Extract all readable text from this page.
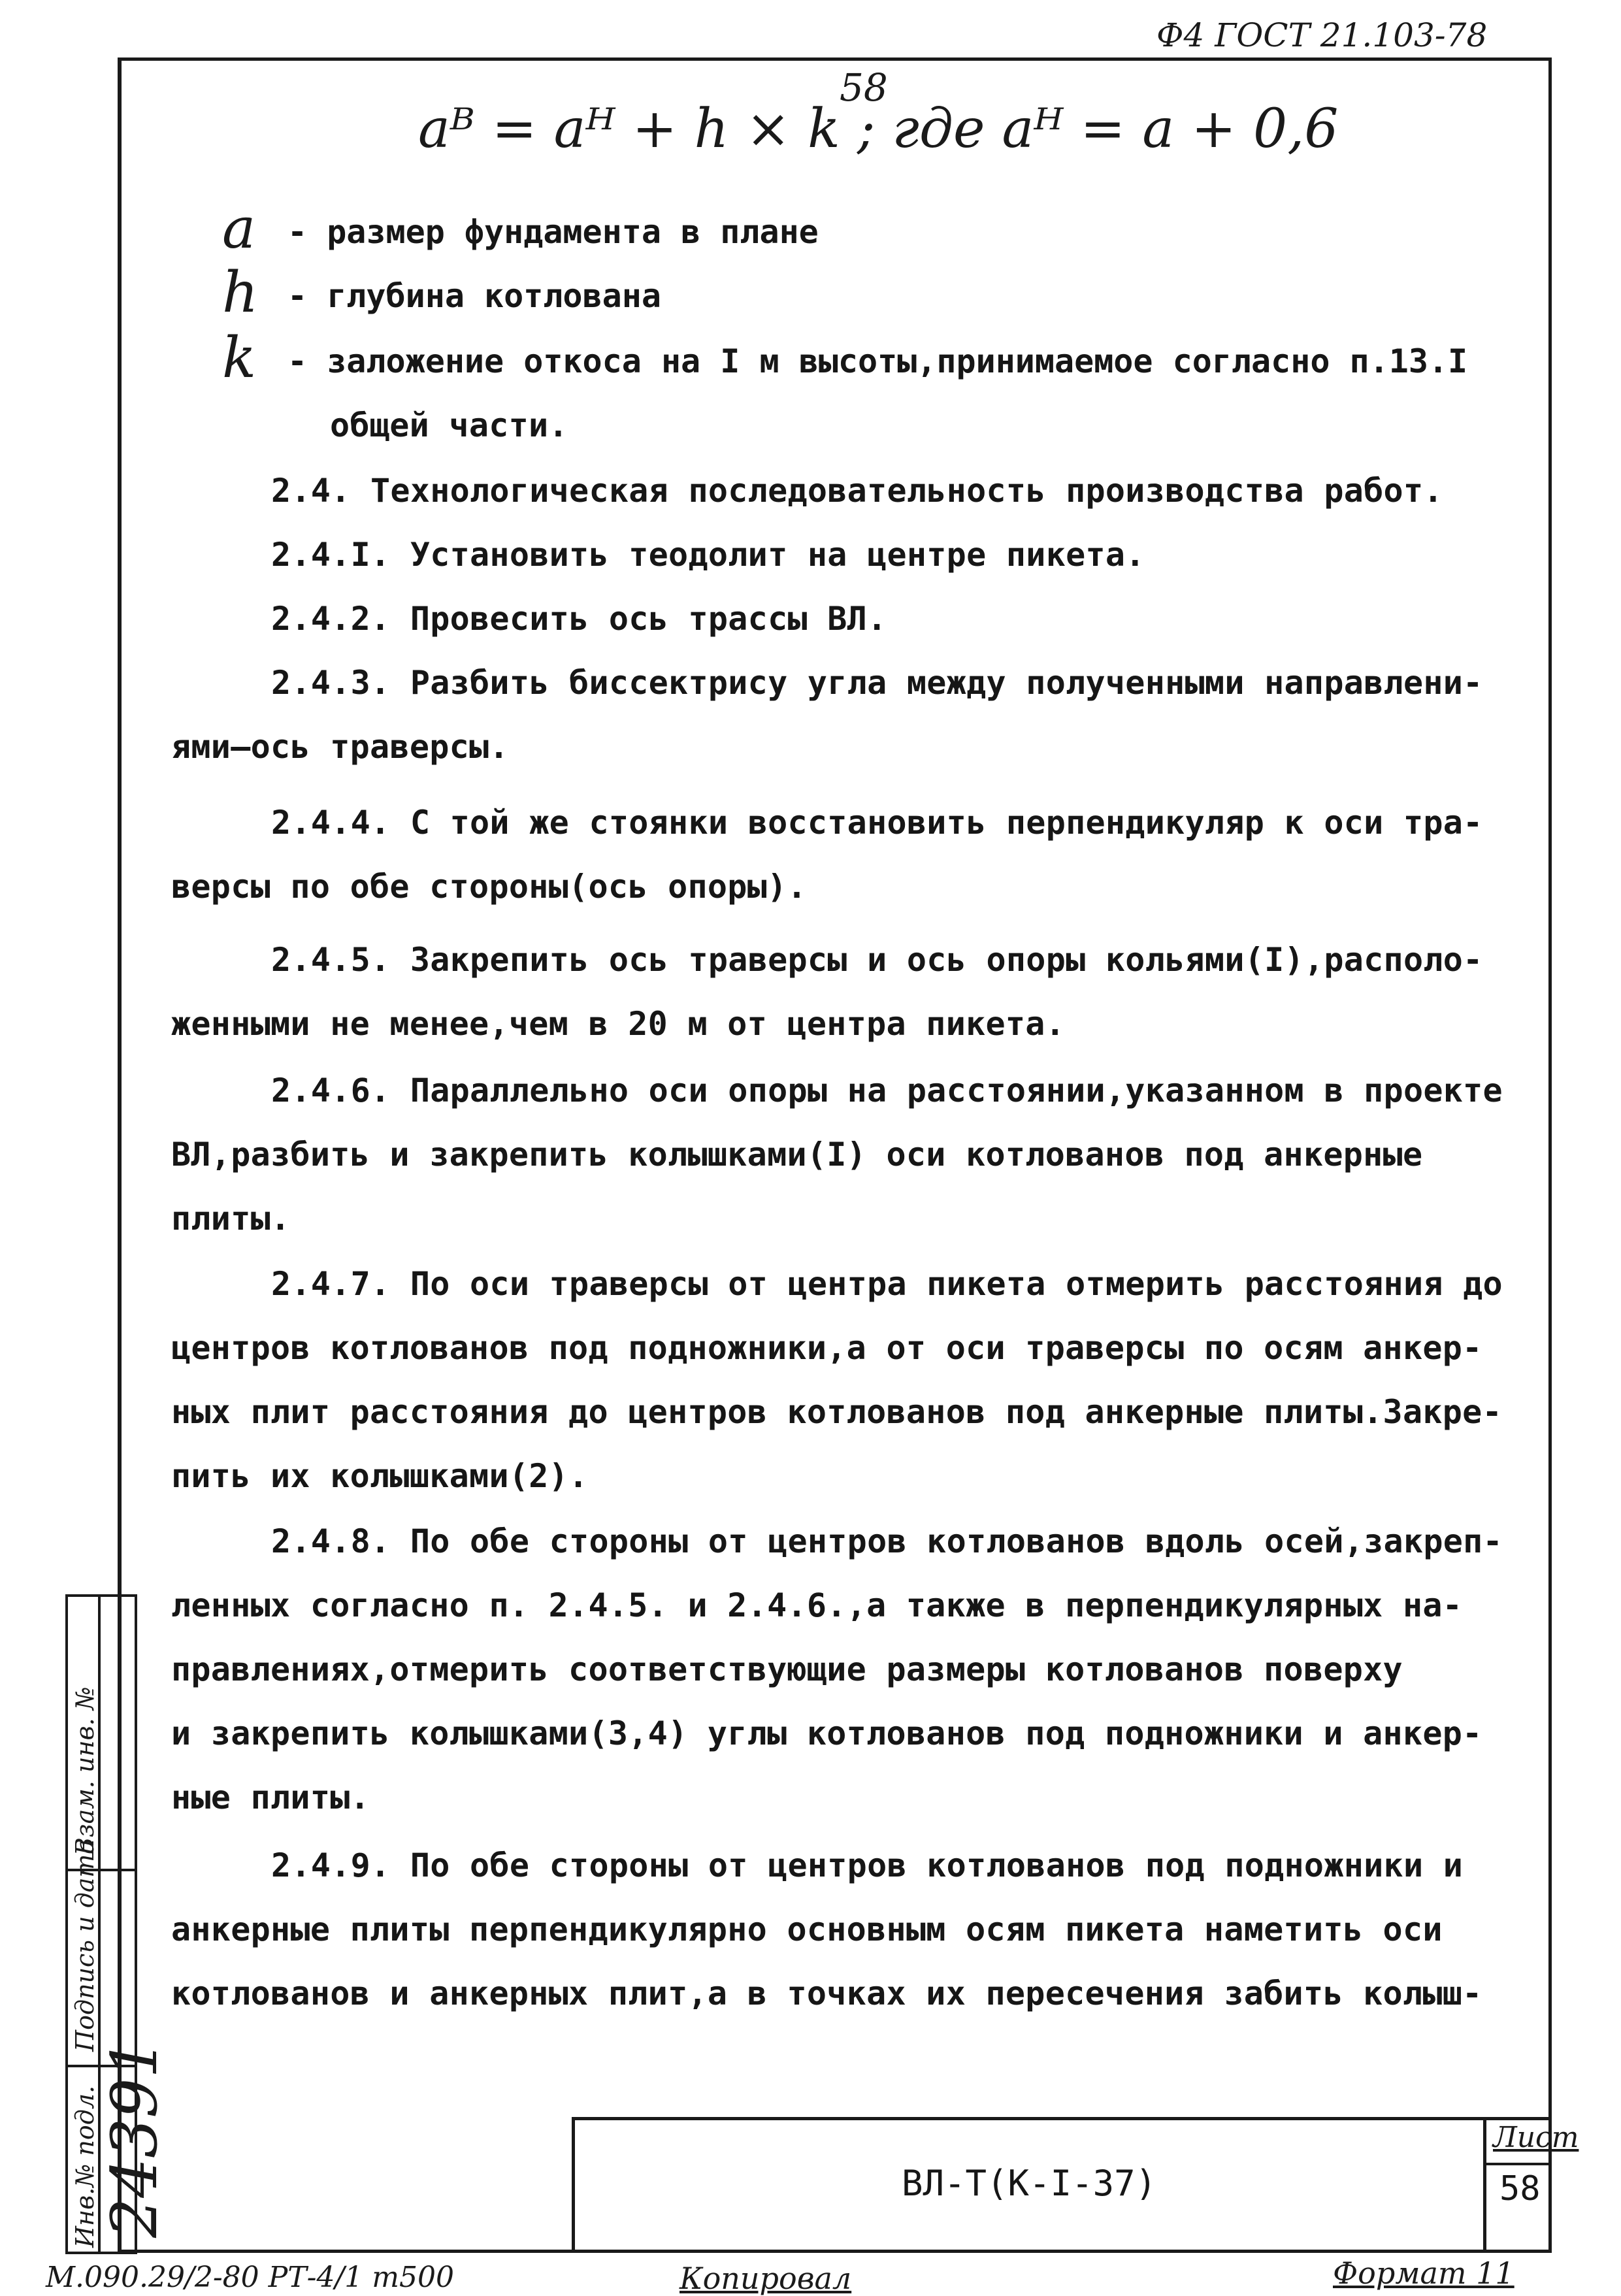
Ф4 ГОСТ 21.103-78
58
aᴮ = aᴴ + h × k ; где aᴴ = a + 0,6
a - размер фундамента в плане
h - глубина котлована
k - заложение откоса на I м высоты,принимаемое согласно п.13.I
общей части.
2.4. Технологическая последовательность производства работ.
2.4.I. Установить теодолит на центре пикета.
2.4.2. Провесить ось трассы ВЛ.
2.4.3. Разбить биссектрису угла между полученными направлени-
ями—ось траверсы.
2.4.4. С той же стоянки восстановить перпендикуляр к оси тра-
версы по обе стороны(ось опоры).
2.4.5. Закрепить ось траверсы и ось опоры кольями(I),располо-
женными не менее,чем в 20 м от центра пикета.
2.4.6. Параллельно оси опоры на расстоянии,указанном в проекте
ВЛ,разбить и закрепить колышками(I) оси котлованов под анкерные
плиты.
2.4.7. По оси траверсы от центра пикета отмерить расстояния до
центров котлованов под подножники,а от оси траверсы по осям анкер-
ных плит расстояния до центров котлованов под анкерные плиты.Закре-
пить их колышками(2).
2.4.8. По обе стороны от центров котлованов вдоль осей,закреп-
ленных согласно п. 2.4.5. и 2.4.6.,а также в перпендикулярных на-
правлениях,отмерить соответствующие размеры котлованов поверху
и закрепить колышками(3,4) углы котлованов под подножники и анкер-
ные плиты.
2.4.9. По обе стороны от центров котлованов под подножники и
анкерные плиты перпендикулярно основным осям пикета наметить оси
котлованов и анкерных плит,а в точках их пересечения забить колыш-
ВЛ-Т(К-I-37)
Лист
58
Взам. инв. №
Подпись и дата
Инв.№ подл.
24391
М.090.29/2-80 РТ-4/1 т500	Копировал	Формат 11
